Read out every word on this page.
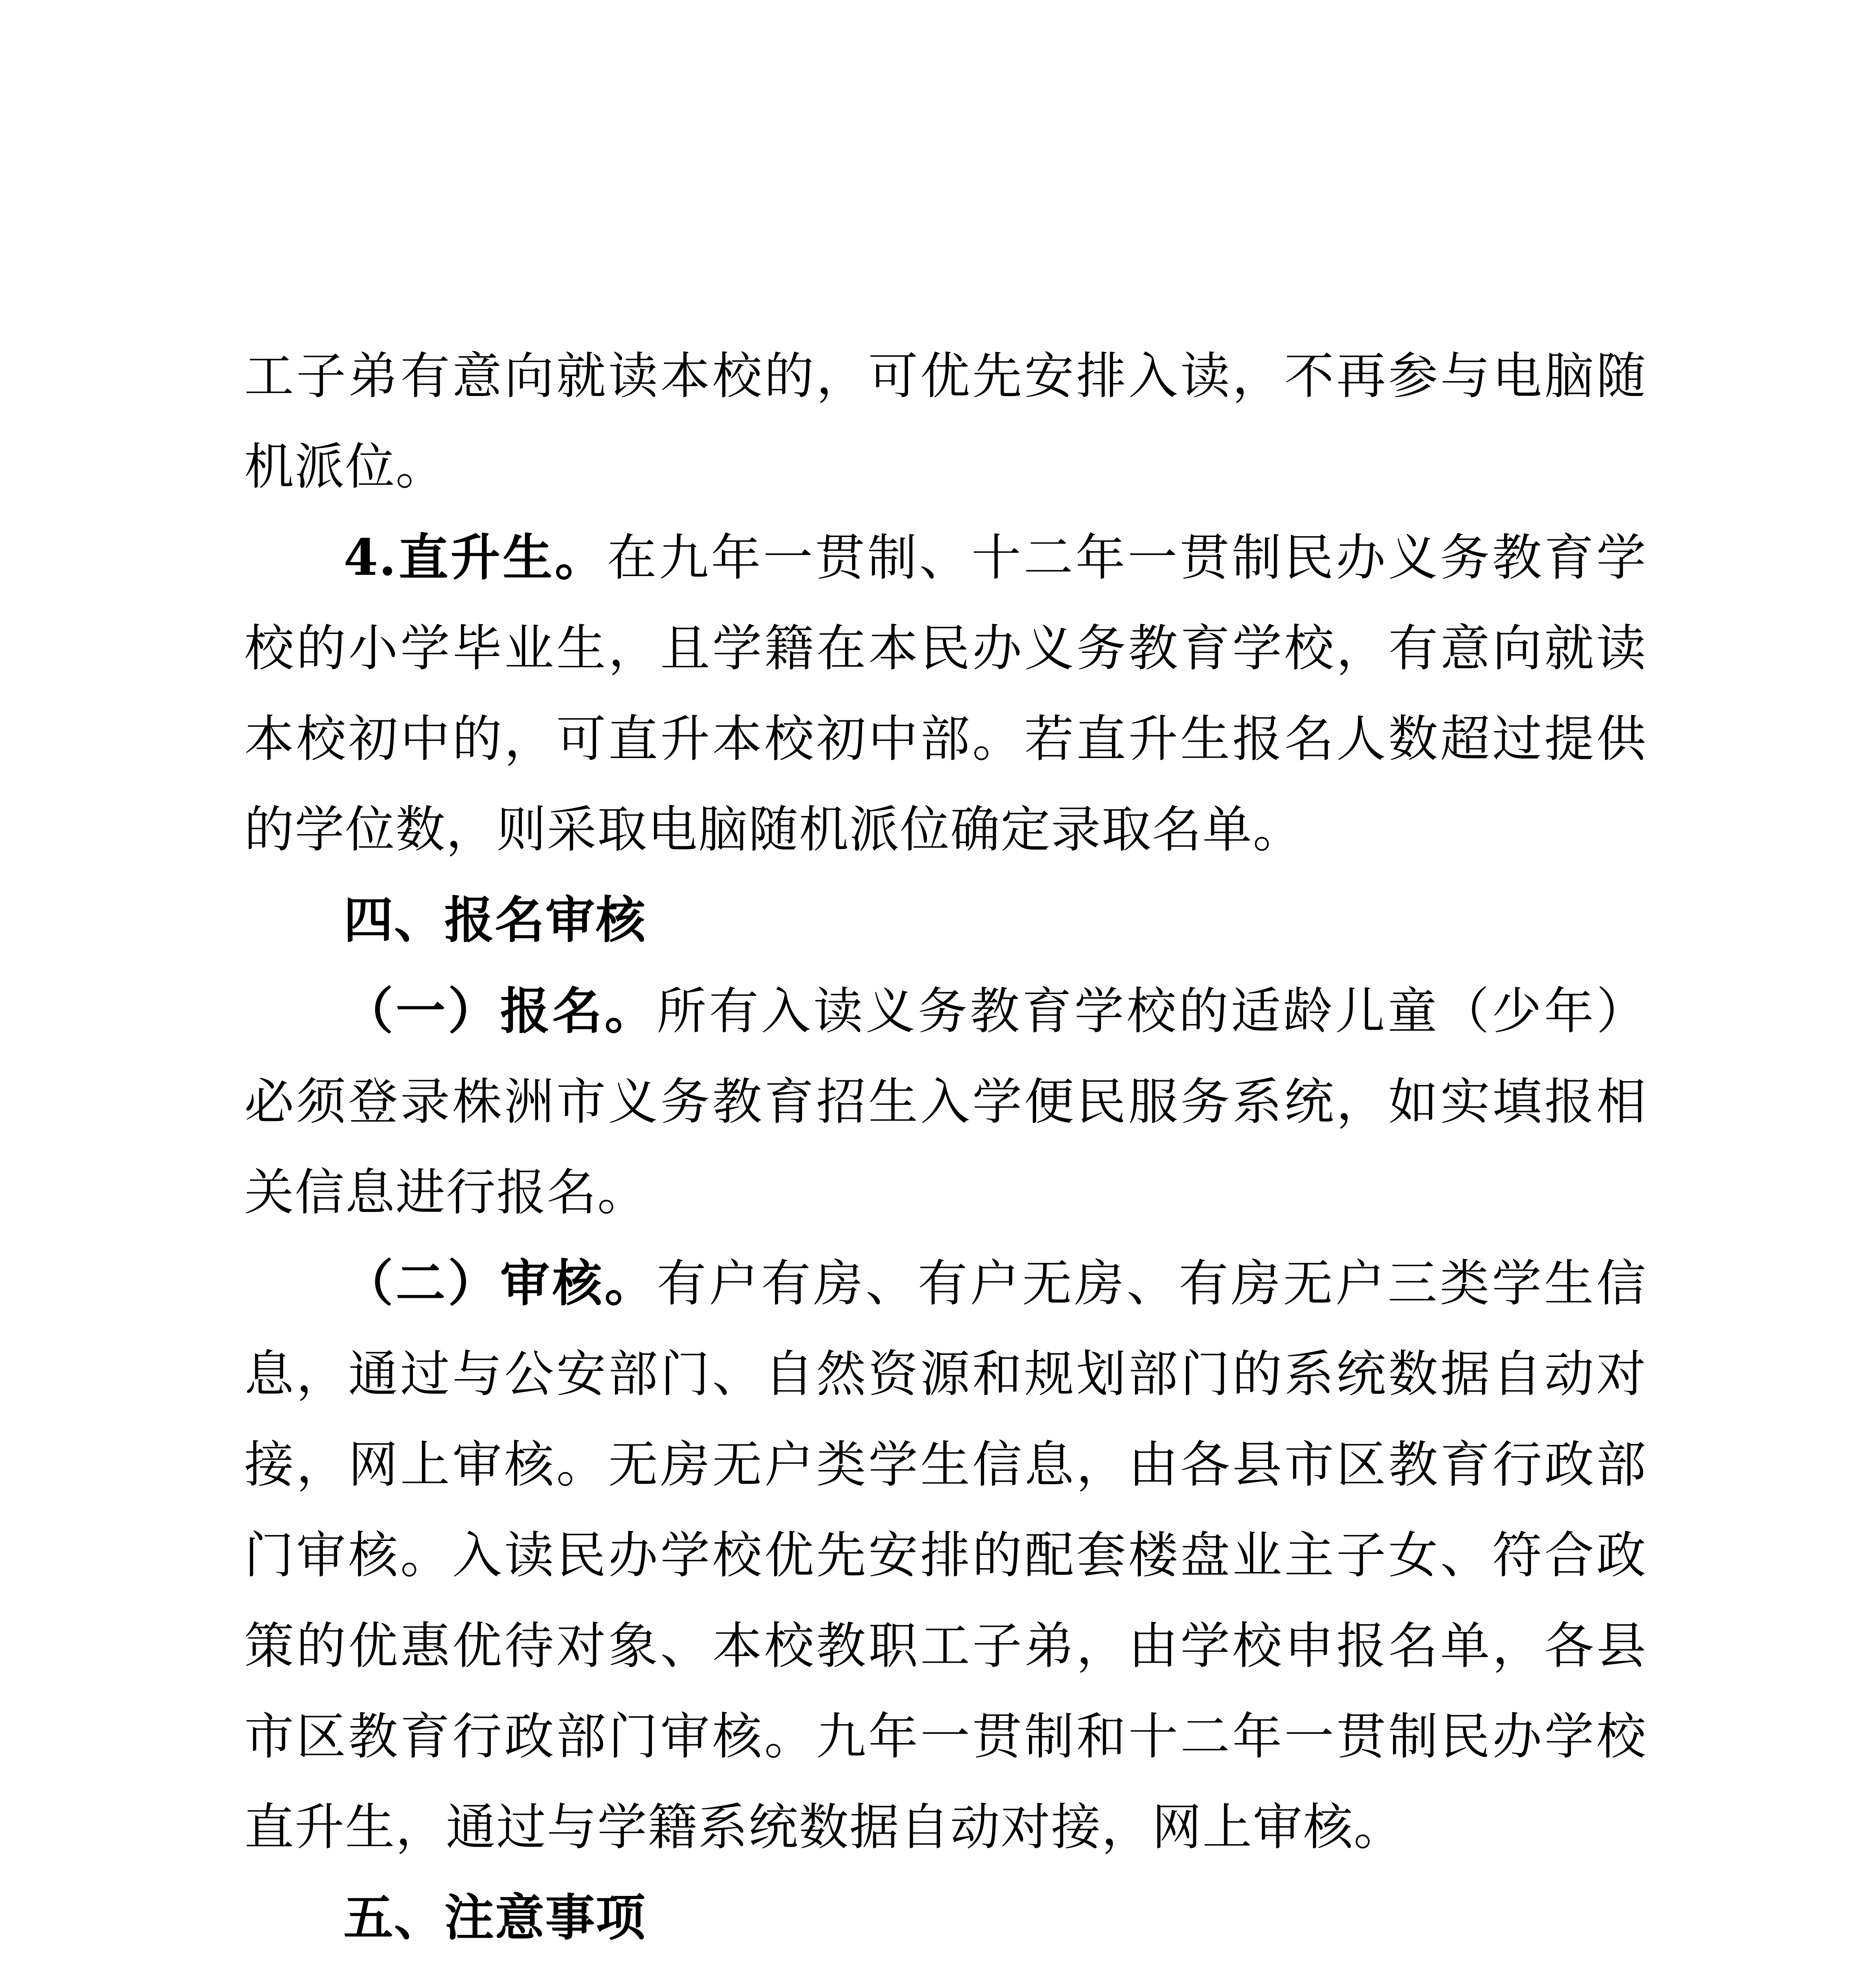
工子弟有意向就读本校的，可优先安排入读，不再参与电脑随机派位。

4.直升生。在九年一贯制、十二年一贯制民办义务教育学校的小学毕业生，且学籍在本民办义务教育学校，有意向就读本校初中的，可直升本校初中部。若直升生报名人数超过提供的学位数，则采取电脑随机派位确定录取名单。

四、报名审核

（一）报名。所有入读义务教育学校的适龄儿童（少年）必须登录株洲市义务教育招生入学便民服务系统，如实填报相关信息进行报名。

（二）审核。有户有房、有户无房、有房无户三类学生信息，通过与公安部门、自然资源和规划部门的系统数据自动对接，网上审核。无房无户类学生信息，由各县市区教育行政部门审核。入读民办学校优先安排的配套楼盘业主子女、符合政策的优惠优待对象、本校教职工子弟，由学校申报名单，各县市区教育行政部门审核。九年一贯制和十二年一贯制民办学校直升生，通过与学籍系统数据自动对接，网上审核。

五、注意事项
